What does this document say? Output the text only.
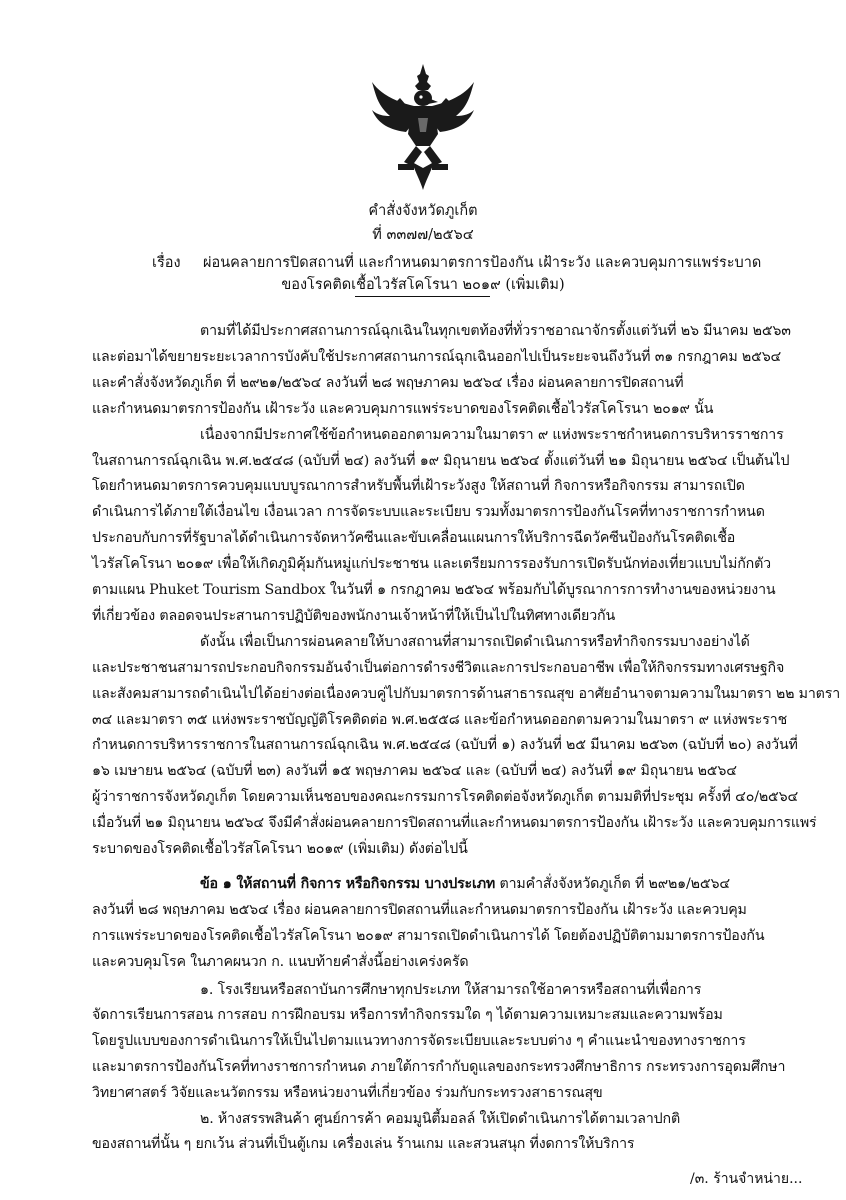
คำสั่งจังหวัดภูเก็ต
ที่ ๓๓๗๗/๒๕๖๔
เรื่อง ผ่อนคลายการปิดสถานที่ และกำหนดมาตรการป้องกัน เฝ้าระวัง และควบคุมการแพร่ระบาด
ของโรคติดเชื้อไวรัสโคโรนา ๒๐๑๙ (เพิ่มเติม)
ตามที่ได้มีประกาศสถานการณ์ฉุกเฉินในทุกเขตท้องที่ทั่วราชอาณาจักรตั้งแต่วันที่ ๒๖ มีนาคม ๒๕๖๓
และต่อมาได้ขยายระยะเวลาการบังคับใช้ประกาศสถานการณ์ฉุกเฉินออกไปเป็นระยะจนถึงวันที่ ๓๑ กรกฎาคม ๒๕๖๔
และคำสั่งจังหวัดภูเก็ต ที่ ๒๙๒๑/๒๕๖๔ ลงวันที่ ๒๘ พฤษภาคม ๒๕๖๔ เรื่อง ผ่อนคลายการปิดสถานที่
และกำหนดมาตรการป้องกัน เฝ้าระวัง และควบคุมการแพร่ระบาดของโรคติดเชื้อไวรัสโคโรนา ๒๐๑๙ นั้น
เนื่องจากมีประกาศใช้ข้อกำหนดออกตามความในมาตรา ๙ แห่งพระราชกำหนดการบริหารราชการ
ในสถานการณ์ฉุกเฉิน พ.ศ.๒๕๔๘ (ฉบับที่ ๒๔) ลงวันที่ ๑๙ มิถุนายน ๒๕๖๔ ตั้งแต่วันที่ ๒๑ มิถุนายน ๒๕๖๔ เป็นต้นไป
โดยกำหนดมาตรการควบคุมแบบบูรณาการสำหรับพื้นที่เฝ้าระวังสูง ให้สถานที่ กิจการหรือกิจกรรม สามารถเปิด
ดำเนินการได้ภายใต้เงื่อนไข เงื่อนเวลา การจัดระบบและระเบียบ รวมทั้งมาตรการป้องกันโรคที่ทางราชการกำหนด
ประกอบกับการที่รัฐบาลได้ดำเนินการจัดหาวัคซีนและขับเคลื่อนแผนการให้บริการฉีดวัคซีนป้องกันโรคติดเชื้อ
ไวรัสโคโรนา ๒๐๑๙ เพื่อให้เกิดภูมิคุ้มกันหมู่แก่ประชาชน และเตรียมการรองรับการเปิดรับนักท่องเที่ยวแบบไม่กักตัว
ตามแผน Phuket Tourism Sandbox ในวันที่ ๑ กรกฎาคม ๒๕๖๔ พร้อมกับได้บูรณาการการทำงานของหน่วยงาน
ที่เกี่ยวข้อง ตลอดจนประสานการปฏิบัติของพนักงานเจ้าหน้าที่ให้เป็นไปในทิศทางเดียวกัน
ดังนั้น เพื่อเป็นการผ่อนคลายให้บางสถานที่สามารถเปิดดำเนินการหรือทำกิจกรรมบางอย่างได้
และประชาชนสามารถประกอบกิจกรรมอันจำเป็นต่อการดำรงชีวิตและการประกอบอาชีพ เพื่อให้กิจกรรมทางเศรษฐกิจ
และสังคมสามารถดำเนินไปได้อย่างต่อเนื่องควบคู่ไปกับมาตรการด้านสาธารณสุข อาศัยอำนาจตามความในมาตรา ๒๒ มาตรา
๓๔ และมาตรา ๓๕ แห่งพระราชบัญญัติโรคติดต่อ พ.ศ.๒๕๕๘ และข้อกำหนดออกตามความในมาตรา ๙ แห่งพระราช
กำหนดการบริหารราชการในสถานการณ์ฉุกเฉิน พ.ศ.๒๕๔๘ (ฉบับที่ ๑) ลงวันที่ ๒๕ มีนาคม ๒๕๖๓ (ฉบับที่ ๒๐) ลงวันที่
๑๖ เมษายน ๒๕๖๔ (ฉบับที่ ๒๓) ลงวันที่ ๑๕ พฤษภาคม ๒๕๖๔ และ (ฉบับที่ ๒๔) ลงวันที่ ๑๙ มิถุนายน ๒๕๖๔
ผู้ว่าราชการจังหวัดภูเก็ต โดยความเห็นชอบของคณะกรรมการโรคติดต่อจังหวัดภูเก็ต ตามมติที่ประชุม ครั้งที่ ๔๐/๒๕๖๔
เมื่อวันที่ ๒๑ มิถุนายน ๒๕๖๔ จึงมีคำสั่งผ่อนคลายการปิดสถานที่และกำหนดมาตรการป้องกัน เฝ้าระวัง และควบคุมการแพร่
ระบาดของโรคติดเชื้อไวรัสโคโรนา ๒๐๑๙ (เพิ่มเติม) ดังต่อไปนี้
ข้อ ๑ ให้สถานที่ กิจการ หรือกิจกรรม บางประเภท ตามคำสั่งจังหวัดภูเก็ต ที่ ๒๙๒๑/๒๕๖๔
ลงวันที่ ๒๘ พฤษภาคม ๒๕๖๔ เรื่อง ผ่อนคลายการปิดสถานที่และกำหนดมาตรการป้องกัน เฝ้าระวัง และควบคุม
การแพร่ระบาดของโรคติดเชื้อไวรัสโคโรนา ๒๐๑๙ สามารถเปิดดำเนินการได้ โดยต้องปฏิบัติตามมาตรการป้องกัน
และควบคุมโรค ในภาคผนวก ก. แนบท้ายคำสั่งนี้อย่างเคร่งครัด
๑. โรงเรียนหรือสถาบันการศึกษาทุกประเภท ให้สามารถใช้อาคารหรือสถานที่เพื่อการ
จัดการเรียนการสอน การสอบ การฝึกอบรม หรือการทำกิจกรรมใด ๆ ได้ตามความเหมาะสมและความพร้อม
โดยรูปแบบของการดำเนินการให้เป็นไปตามแนวทางการจัดระเบียบและระบบต่าง ๆ คำแนะนำของทางราชการ
และมาตรการป้องกันโรคที่ทางราชการกำหนด ภายใต้การกำกับดูแลของกระทรวงศึกษาธิการ กระทรวงการอุดมศึกษา
วิทยาศาสตร์ วิจัยและนวัตกรรม หรือหน่วยงานที่เกี่ยวข้อง ร่วมกับกระทรวงสาธารณสุข
๒. ห้างสรรพสินค้า ศูนย์การค้า คอมมูนิตี้มอลล์ ให้เปิดดำเนินการได้ตามเวลาปกติ
ของสถานที่นั้น ๆ ยกเว้น ส่วนที่เป็นตู้เกม เครื่องเล่น ร้านเกม และสวนสนุก ที่งดการให้บริการ
/๓. ร้านจำหน่าย...
